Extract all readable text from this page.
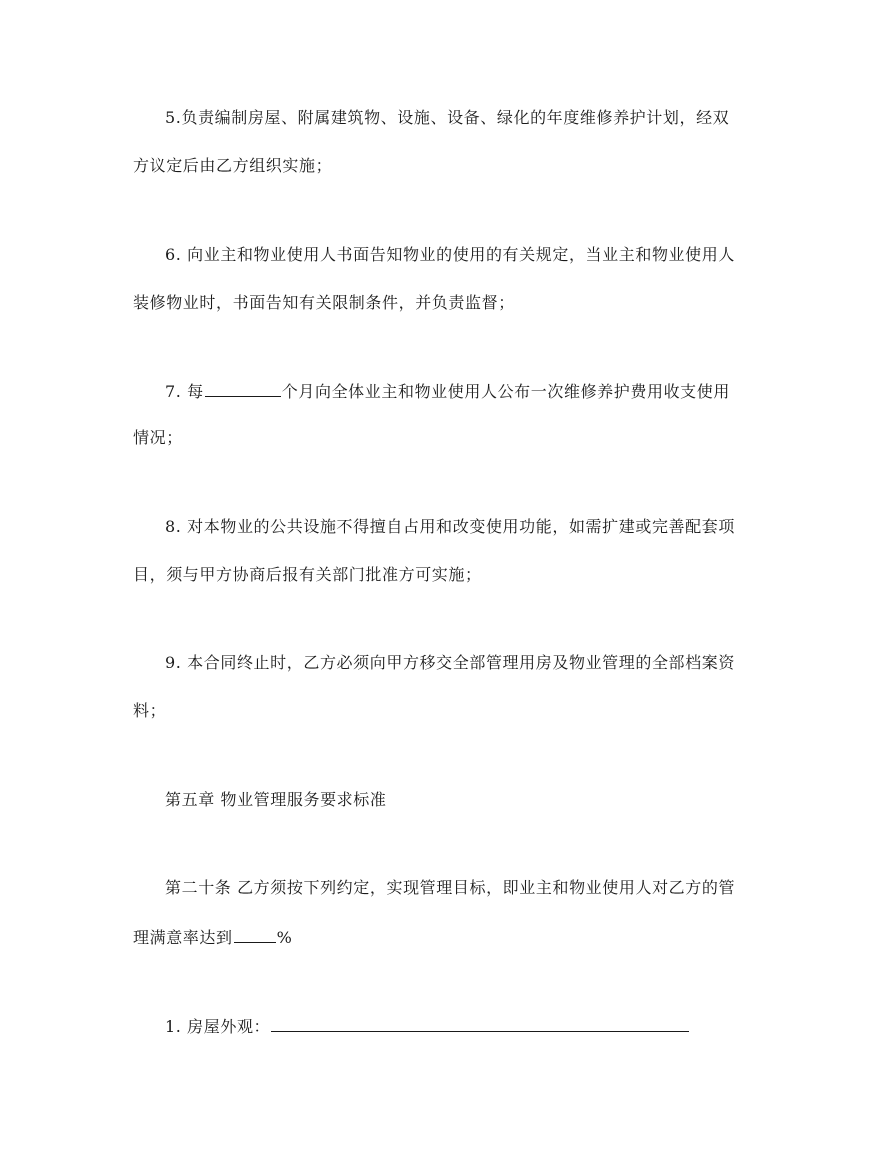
5.负责编制房屋、附属建筑物、设施、设备、绿化的年度维修养护计划，经双
方议定后由乙方组织实施；
6. 向业主和物业使用人书面告知物业的使用的有关规定，当业主和物业使用人
装修物业时，书面告知有关限制条件，并负责监督；
7. 每	个月向全体业主和物业使用人公布一次维修养护费用收支使用
情况；
8. 对本物业的公共设施不得擅自占用和改变使用功能，如需扩建或完善配套项
目，须与甲方协商后报有关部门批准方可实施；
9. 本合同终止时，乙方必须向甲方移交全部管理用房及物业管理的全部档案资
料；
第五章 物业管理服务要求标准
第二十条 乙方须按下列约定，实现管理目标，即业主和物业使用人对乙方的管
理满意率达到	%
1. 房屋外观：
